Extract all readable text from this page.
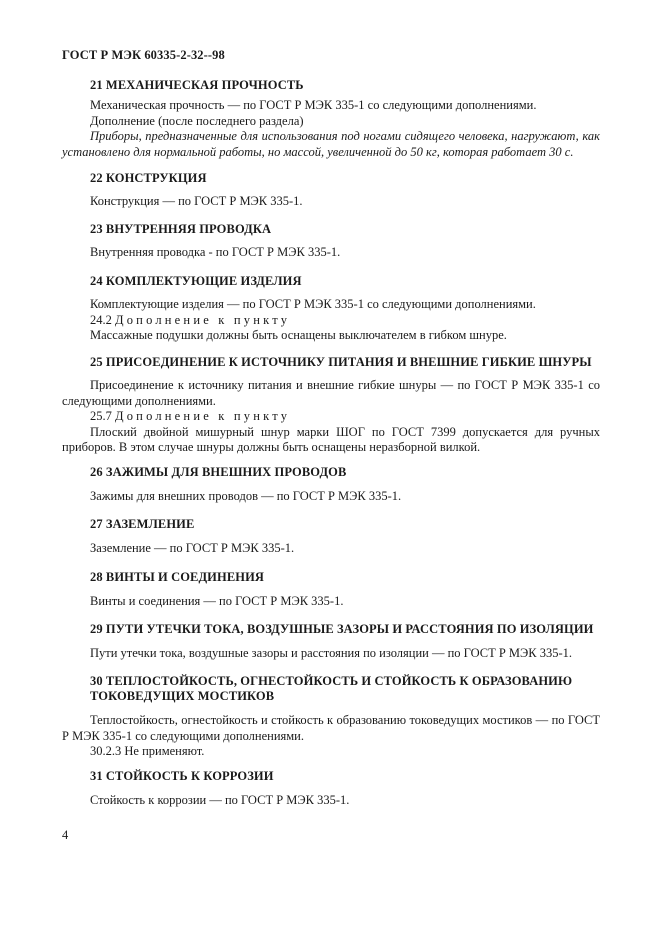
ГОСТ Р МЭК 60335-2-32--98
21 МЕХАНИЧЕСКАЯ ПРОЧНОСТЬ
Механическая прочность — по ГОСТ Р МЭК 335-1 со следующими дополнениями.
Дополнение (после последнего раздела)
Приборы, предназначенные для использования под ногами сидящего человека, нагружают, как установлено для нормальной работы, но массой, увеличенной до 50 кг, которая работает 30 с.
22 КОНСТРУКЦИЯ
Конструкция — по ГОСТ Р МЭК 335-1.
23 ВНУТРЕННЯЯ ПРОВОДКА
Внутренняя проводка - по ГОСТ Р МЭК 335-1.
24 КОМПЛЕКТУЮЩИЕ ИЗДЕЛИЯ
Комплектующие изделия — по ГОСТ Р МЭК 335-1 со следующими дополнениями.
24.2 Дополнение к пункту
Массажные подушки должны быть оснащены выключателем в гибком шнуре.
25 ПРИСОЕДИНЕНИЕ К ИСТОЧНИКУ ПИТАНИЯ И ВНЕШНИЕ ГИБКИЕ ШНУРЫ
Присоединение к источнику питания и внешние гибкие шнуры — по ГОСТ Р МЭК 335-1 со следующими дополнениями.
25.7 Дополнение к пункту
Плоский двойной мишурный шнур марки ШОГ по ГОСТ 7399 допускается для ручных приборов. В этом случае шнуры должны быть оснащены неразборной вилкой.
26 ЗАЖИМЫ ДЛЯ ВНЕШНИХ ПРОВОДОВ
Зажимы для внешних проводов — по ГОСТ Р МЭК 335-1.
27 ЗАЗЕМЛЕНИЕ
Заземление — по ГОСТ Р МЭК 335-1.
28 ВИНТЫ И СОЕДИНЕНИЯ
Винты и соединения — по ГОСТ Р МЭК 335-1.
29 ПУТИ УТЕЧКИ ТОКА, ВОЗДУШНЫЕ ЗАЗОРЫ И РАССТОЯНИЯ ПО ИЗОЛЯЦИИ
Пути утечки тока, воздушные зазоры и расстояния по изоляции — по ГОСТ Р МЭК 335-1.
30 ТЕПЛОСТОЙКОСТЬ, ОГНЕСТОЙКОСТЬ И СТОЙКОСТЬ К ОБРАЗОВАНИЮ
ТОКОВЕДУЩИХ МОСТИКОВ
Теплостойкость, огнестойкость и стойкость к образованию токоведущих мостиков — по ГОСТ Р МЭК 335-1 со следующими дополнениями.
30.2.3 Не применяют.
31 СТОЙКОСТЬ К КОРРОЗИИ
Стойкость к коррозии — по ГОСТ Р МЭК 335-1.
4
